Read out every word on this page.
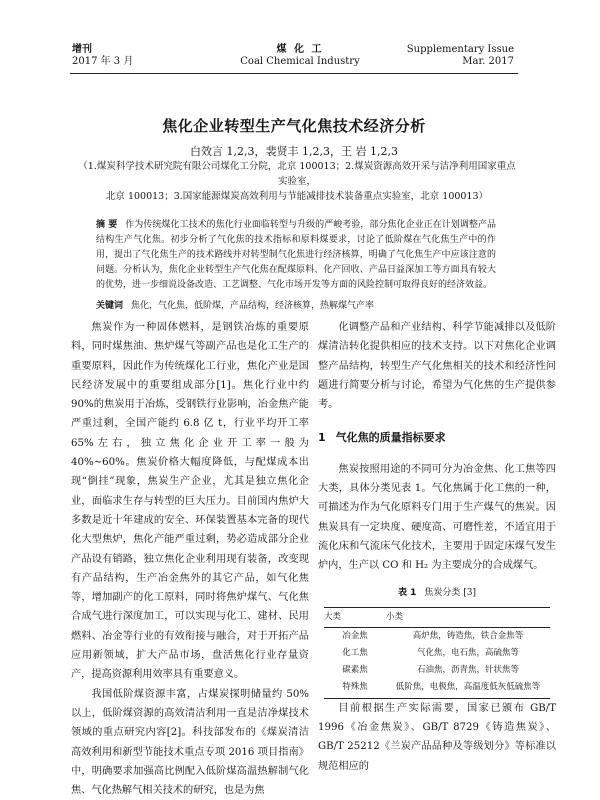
增刊
2017 年 3 月
煤 化 工
Coal Chemical Industry
Supplementary Issue
Mar. 2017
焦化企业转型生产气化焦技术经济分析
白效言 1,2,3，裴贤丰 1,2,3，王 岩 1,2,3
（1.煤炭科学技术研究院有限公司煤化工分院，北京 100013；2.煤炭资源高效开采与洁净利用国家重点实验室，
北京 100013；3.国家能源煤炭高效利用与节能减排技术装备重点实验室，北京 100013）
摘 要 作为传统煤化工技术的焦化行业面临转型与升级的严峻考验，部分焦化企业正在计划调整产品结构生产气化焦。初步分析了气化焦的技术指标和原料煤要求，讨论了低阶煤在气化焦生产中的作用，提出了气化焦生产的技术路线并对转型制气化焦进行经济核算，明确了气化焦生产中应该注意的问题。分析认为，焦化企业转型生产气化焦在配煤原料、化产回收、产品日益深加工等方面具有较大的优势，进一步细说设备改造、工艺调整、气化市场开发等方面的风险控制可取得良好的经济效益。
关键词 焦化，气化焦，低阶煤，产品结构，经济核算，热解煤气产率

焦炭作为一种固体燃料，是钢铁冶炼的重要原料，同时煤焦油、焦炉煤气等副产品也是化工生产的重要原料，因此作为传统煤化工行业，焦化产业是国民经济发展中的重要组成部分[1]。焦化行业中约 90%的焦炭用于冶炼，受钢铁行业影响，冶金焦产能严重过剩，全国产能约 6.8 亿 t，行业平均开工率 65%左右，独立焦化企业开工率一般为 40%~60%。焦炭价格大幅度降低，与配煤成本出现“倒挂”现象，焦炭生产企业，尤其是独立焦化企业，面临求生存与转型的巨大压力。目前国内焦炉大多数是近十年建成的安全、环保装置基本完备的现代化大型焦炉，焦化产能严重过剩，势必造成部分企业产品设有销路，独立焦化企业利用现有装备，改变现有产品结构，生产冶金焦外的其它产品，如气化焦等，增加副产的化工原料，同时将焦炉煤气、气化焦合成气进行深度加工，可以实现与化工、建材、民用燃料、冶金等行业的有效衔接与融合，对于开拓产品应用新领域，扩大产品市场，盘活焦化行业存量资产，提高资源利用效率具有重要意义。

我国低阶煤资源丰富，占煤炭探明储量约 50%以上，低阶煤资源的高效清洁利用一直是洁净煤技术领域的重点研究内容[2]。科技部发布的《煤炭清洁高效利用和新型节能技术重点专项 2016 项目指南》中，明确要求加强高比例配入低阶煤高温热解制气化焦、气化热解气相关技术的研究，也是为焦

化调整产品和产业结构、科学节能减排以及低阶煤清洁转化提供相应的技术支持。以下对焦化企业调整产品结构，转型生产气化焦相关的技术和经济性问题进行简要分析与讨论，希望为气化焦的生产提供参考。

1 气化焦的质量指标要求

焦炭按照用途的不同可分为冶金焦、化工焦等四大类，具体分类见表 1。气化焦属于化工焦的一种，可描述为作为气化原料专门用于生产煤气的焦炭。因焦炭具有一定块度、硬度高、可磨性差，不适宜用于流化床和气流床气化技术，主要用于固定床煤气发生炉内，生产以 CO 和 H₂ 为主要成分的合成煤气。

表 1 焦炭分类 [3]
大类	小类
冶金焦	高炉焦，铸造焦，铁合金焦等
化工焦	气化焦，电石焦，高硫焦等
碳素焦	石油焦，沥青焦，针状焦等
特殊焦	低阶焦，电极焦，高温度低灰低硫焦等

目前根据生产实际需要，国家已颁布 GB/T 1996《冶金焦炭》、GB/T 8729《铸造焦炭》、GB/T 25212《兰炭产品品种及等级划分》等标准以规范相应的
